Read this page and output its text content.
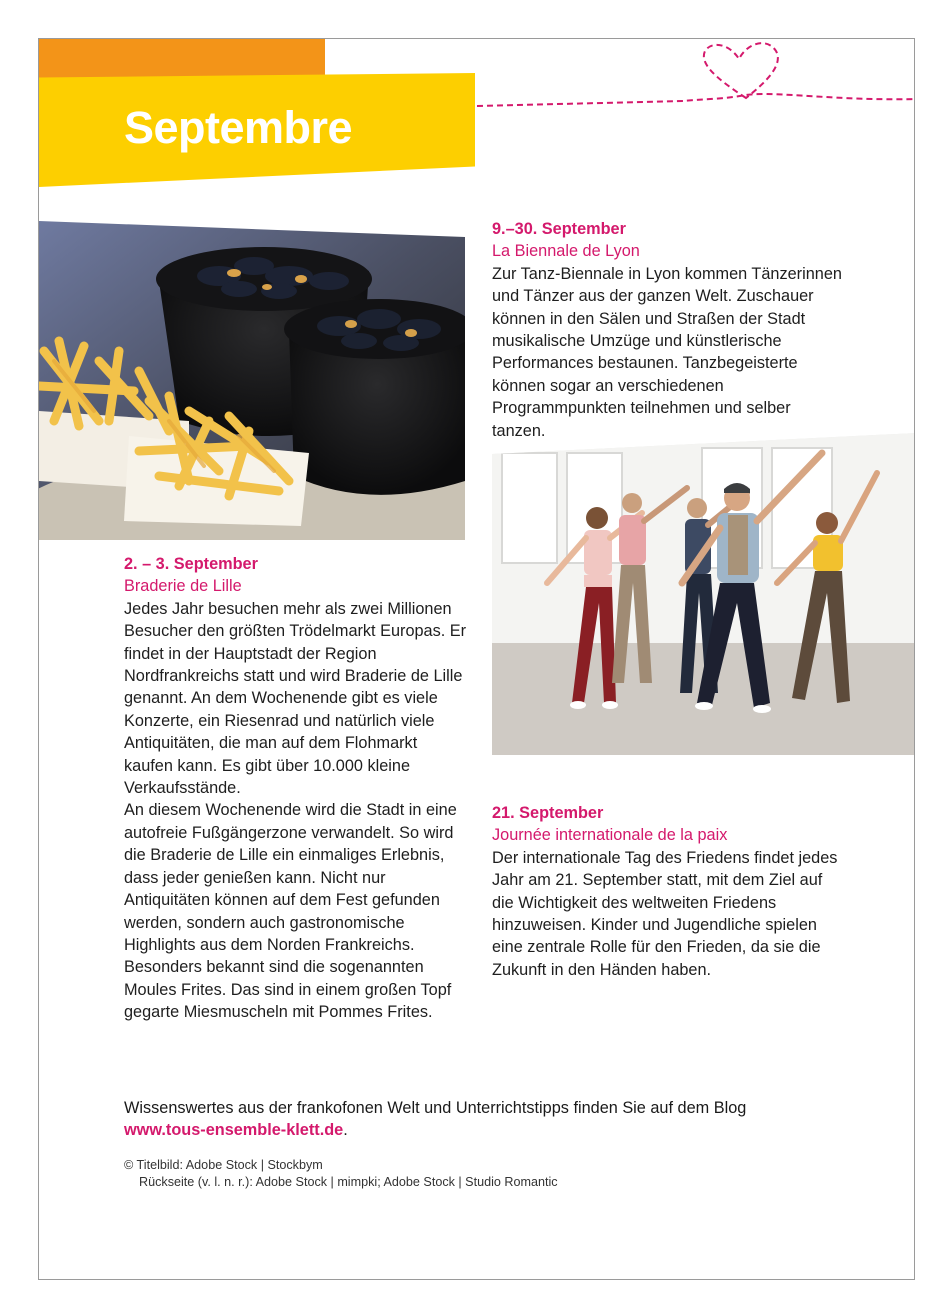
Septembre

2. – 3. September

Braderie de Lille

Jedes Jahr besuchen mehr als zwei Millionen Besucher den größten Trödelmarkt Europas. Er findet in der Hauptstadt der Region Nordfrankreichs statt und wird Braderie de Lille genannt. An dem Wochenende gibt es viele Konzerte, ein Riesenrad und natürlich viele Antiquitäten, die man auf dem Flohmarkt kaufen kann. Es gibt über 10.000 kleine Verkaufsstände.

An diesem Wochenende wird die Stadt in eine autofreie Fußgängerzone verwandelt. So wird die Braderie de Lille ein einmaliges Erlebnis, dass jeder genießen kann. Nicht nur Antiquitäten können auf dem Fest gefunden werden, sondern auch gastronomische Highlights aus dem Norden Frankreichs. Besonders bekannt sind die sogenannten Moules Frites. Das sind in einem großen Topf gegarte Miesmuscheln mit Pommes Frites.

9.–30. September

La Biennale de Lyon

Zur Tanz-Biennale in Lyon kommen Tänzerinnen und Tänzer aus der ganzen Welt. Zuschauer können in den Sälen und Straßen der Stadt musikalische Umzüge und künstlerische Performances bestaunen. Tanzbegeisterte können sogar an verschiedenen Programmpunkten teilnehmen und selber tanzen.

21. September

Journée internationale de la paix

Der internationale Tag des Friedens findet jedes Jahr am 21. September statt, mit dem Ziel auf die Wichtigkeit des weltweiten Friedens hinzuweisen. Kinder und Jugendliche spielen eine zentrale Rolle für den Frieden, da sie die Zukunft in den Händen haben.

Wissenswertes aus der frankofonen Welt und Unterrichtstipps finden Sie auf dem Blog
www.tous-ensemble-klett.de.
© Titelbild: Adobe Stock | Stockbym
Rückseite (v. l. n. r.): Adobe Stock | mimpki; Adobe Stock | Studio Romantic
